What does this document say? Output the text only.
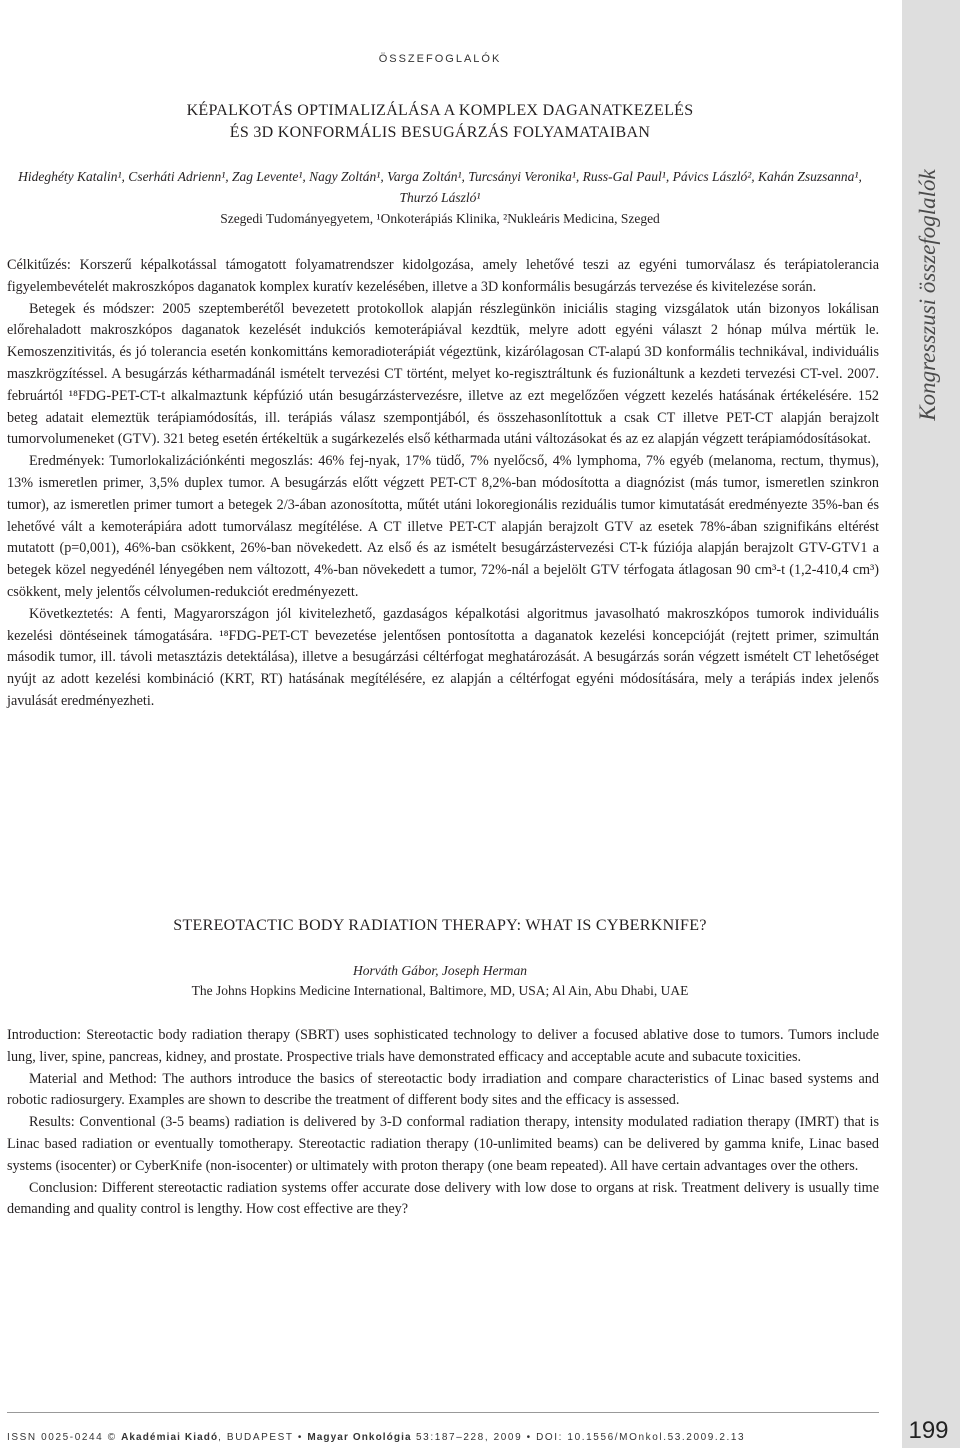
Kongresszusi összefoglalók
ÖSSZEFOGLALÓK
KÉPALKOTÁS OPTIMALIZÁLÁSA A KOMPLEX DAGANATKEZELÉS
ÉS 3D KONFORMÁLIS BESUGÁRZÁS FOLYAMATAIBAN
Hideghéty Katalin¹, Cserháti Adrienn¹, Zag Levente¹, Nagy Zoltán¹, Varga Zoltán¹, Turcsányi Veronika¹, Russ-Gal Paul¹, Pávics László², Kahán Zsuzsanna¹, Thurzó László¹
Szegedi Tudományegyetem, ¹Onkoterápiás Klinika, ²Nukleáris Medicina, Szeged

Célkitűzés: Korszerű képalkotással támogatott folyamatrendszer kidolgozása, amely lehetővé teszi az egyéni tumorválasz és terápiatolerancia figyelembevételét makroszkópos daganatok komplex kuratív kezelésében, illetve a 3D konformális besugárzás tervezése és kivitelezése során.

Betegek és módszer: 2005 szeptemberétől bevezetett protokollok alapján részlegünkön iniciális staging vizsgálatok után bizonyos lokálisan előrehaladott makroszkópos daganatok kezelését indukciós kemoterápiával kezdtük, melyre adott egyéni választ 2 hónap múlva mértük le. Kemoszenzitivitás, és jó tolerancia esetén konkomittáns kemoradioterápiát végeztünk, kizárólagosan CT-alapú 3D konformális technikával, individuális maszkrögzítéssel. A besugárzás kétharmadánál ismételt tervezési CT történt, melyet ko-regisztráltunk és fuzionáltunk a kezdeti tervezési CT-vel. 2007. februártól ¹⁸FDG-PET-CT-t alkalmaztunk képfúzió után besugárzástervezésre, illetve az ezt megelőzően végzett kezelés hatásának értékelésére. 152 beteg adatait elemeztük terápiamódosítás, ill. terápiás válasz szempontjából, és összehasonlítottuk a csak CT illetve PET-CT alapján berajzolt tumorvolumeneket (GTV). 321 beteg esetén értékeltük a sugárkezelés első kétharmada utáni változásokat és az ez alapján végzett terápiamódosításokat.

Eredmények: Tumorlokalizációnkénti megoszlás: 46% fej-nyak, 17% tüdő, 7% nyelőcső, 4% lymphoma, 7% egyéb (melanoma, rectum, thymus), 13% ismeretlen primer, 3,5% duplex tumor. A besugárzás előtt végzett PET-CT 8,2%-ban módosította a diagnózist (más tumor, ismeretlen szinkron tumor), az ismeretlen primer tumort a betegek 2/3-ában azonosította, műtét utáni lokoregionális reziduális tumor kimutatását eredményezte 35%-ban és lehetővé vált a kemoterápiára adott tumorválasz megítélése. A CT illetve PET-CT alapján berajzolt GTV az esetek 78%-ában szignifikáns eltérést mutatott (p=0,001), 46%-ban csökkent, 26%-ban növekedett. Az első és az ismételt besugárzástervezési CT-k fúziója alapján berajzolt GTV-GTV1 a betegek közel negyedénél lényegében nem változott, 4%-ban növekedett a tumor, 72%-nál a bejelölt GTV térfogata átlagosan 90 cm³-t (1,2-410,4 cm³) csökkent, mely jelentős célvolumen-redukciót eredményezett.

Következtetés: A fenti, Magyarországon jól kivitelezhető, gazdaságos képalkotási algoritmus javasolható makroszkópos tumorok individuális kezelési döntéseinek támogatására. ¹⁸FDG-PET-CT bevezetése jelentősen pontosította a daganatok kezelési koncepcióját (rejtett primer, szimultán második tumor, ill. távoli metasztázis detektálása), illetve a besugárzási céltérfogat meghatározását. A besugárzás során végzett ismételt CT lehetőséget nyújt az adott kezelési kombináció (KRT, RT) hatásának megítélésére, ez alapján a céltérfogat egyéni módosítására, mely a terápiás index jelenős javulását eredményezheti.

STEREOTACTIC BODY RADIATION THERAPY: WHAT IS CYBERKNIFE?
Horváth Gábor, Joseph Herman
The Johns Hopkins Medicine International, Baltimore, MD, USA; Al Ain, Abu Dhabi, UAE

Introduction: Stereotactic body radiation therapy (SBRT) uses sophisticated technology to deliver a focused ablative dose to tumors. Tumors include lung, liver, spine, pancreas, kidney, and prostate. Prospective trials have demonstrated efficacy and acceptable acute and subacute toxicities.

Material and Method: The authors introduce the basics of stereotactic body irradiation and compare characteristics of Linac based systems and robotic radiosurgery. Examples are shown to describe the treatment of different body sites and the efficacy is assessed.

Results: Conventional (3-5 beams) radiation is delivered by 3-D conformal radiation therapy, intensity modulated radiation therapy (IMRT) that is Linac based radiation or eventually tomotherapy. Stereotactic radiation therapy (10-unlimited beams) can be delivered by gamma knife, Linac based systems (isocenter) or CyberKnife (non-isocenter) or ultimately with proton therapy (one beam repeated). All have certain advantages over the others.

Conclusion: Different stereotactic radiation systems offer accurate dose delivery with low dose to organs at risk. Treatment delivery is usually time demanding and quality control is lengthy. How cost effective are they?

ISSN 0025-0244 © Akadémiai Kiadó, BUDAPEST • Magyar Onkológia 53:187–228, 2009 • DOI: 10.1556/MOnkol.53.2009.2.13	199
